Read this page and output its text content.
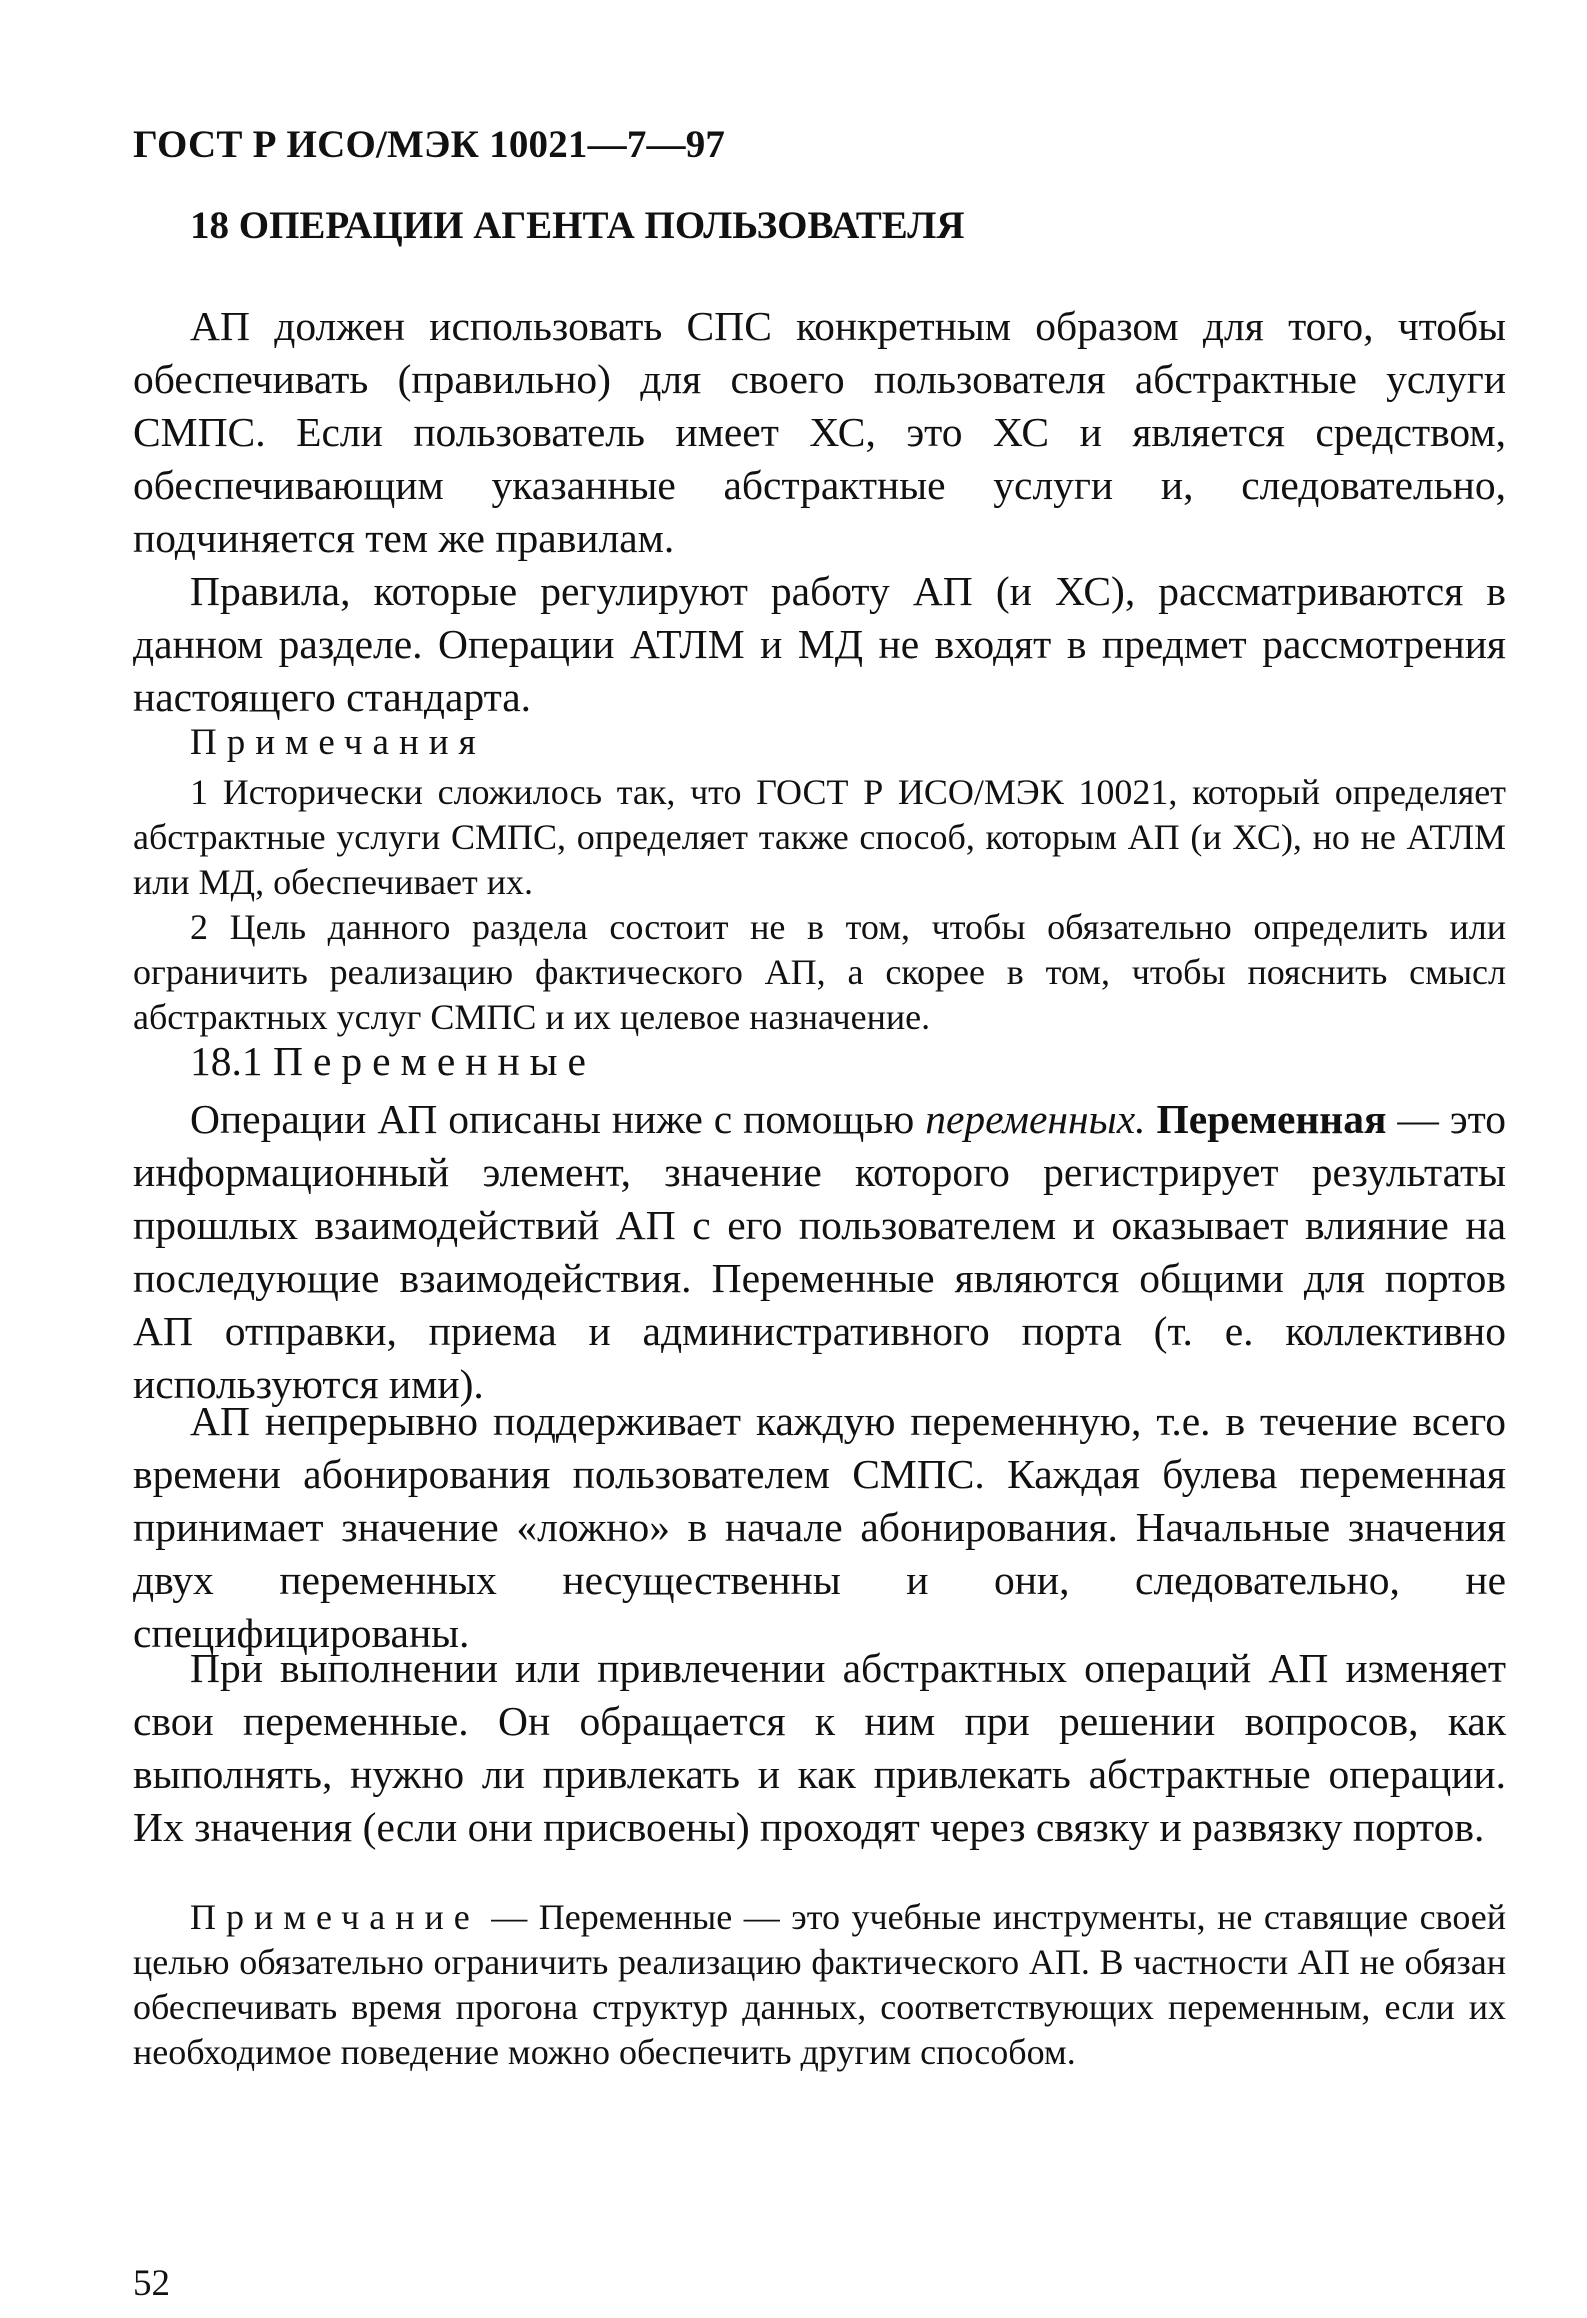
ГОСТ Р ИСО/МЭК 10021—7—97
18 ОПЕРАЦИИ АГЕНТА ПОЛЬЗОВАТЕЛЯ

АП должен использовать СПС конкретным образом для того, чтобы обеспечивать (правильно) для своего пользователя абстрактные услуги СМПС. Если пользователь имеет ХС, это ХС и является средством, обеспечивающим указанные абстрактные услуги и, следовательно, подчиняется тем же правилам.

Правила, которые регулируют работу АП (и ХС), рассматриваются в данном разделе. Операции АТЛМ и МД не входят в предмет рассмотрения настоящего стандарта.

Примечания

1 Исторически сложилось так, что ГОСТ Р ИСО/МЭК 10021, который определяет абстрактные услуги СМПС, определяет также способ, которым АП (и ХС), но не АТЛМ или МД, обеспечивает их.

2 Цель данного раздела состоит не в том, чтобы обязательно определить или ограничить реализацию фактического АП, а скорее в том, чтобы пояснить смысл абстрактных услуг СМПС и их целевое назначение.

18.1 Переменные

Операции АП описаны ниже с помощью переменных. Переменная — это информационный элемент, значение которого регистрирует результаты прошлых взаимодействий АП с его пользователем и оказывает влияние на последующие взаимодействия. Переменные являются общими для портов АП отправки, приема и административного порта (т. е. коллективно используются ими).

АП непрерывно поддерживает каждую переменную, т.е. в течение всего времени абонирования пользователем СМПС. Каждая булева переменная принимает значение «ложно» в начале абонирования. Начальные значения двух переменных несущественны и они, следовательно, не специфицированы.

При выполнении или привлечении абстрактных операций АП изменяет свои переменные. Он обращается к ним при решении вопросов, как выполнять, нужно ли привлекать и как привлекать абстрактные операции. Их значения (если они присвоены) проходят через связку и развязку портов.

Примечание — Переменные — это учебные инструменты, не ставящие своей целью обязательно ограничить реализацию фактического АП. В частности АП не обязан обеспечивать время прогона структур данных, соответствующих переменным, если их необходимое поведение можно обеспечить другим способом.

52
